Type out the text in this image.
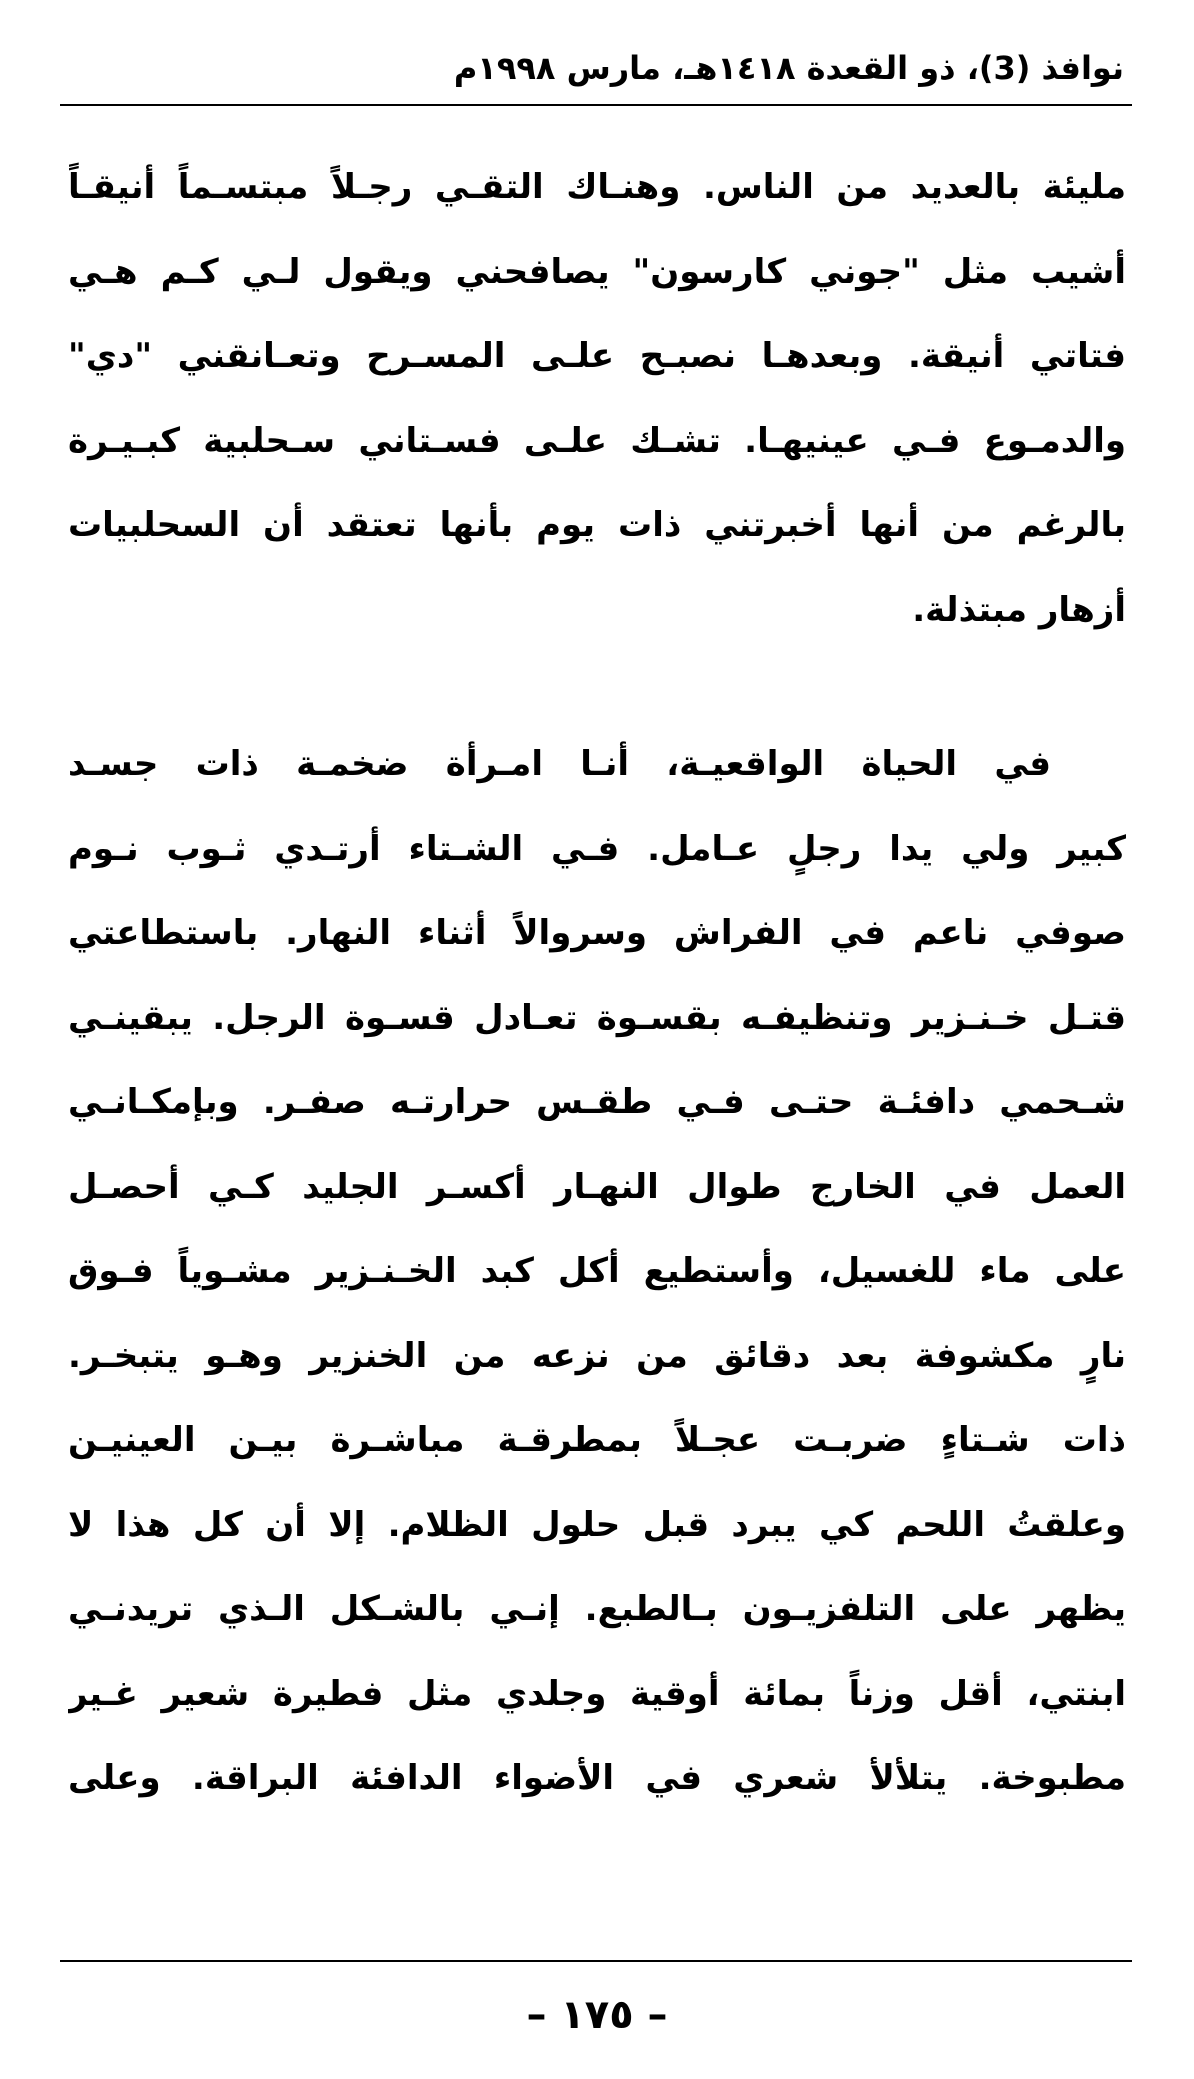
نوافذ (3)، ذو القعدة ١٤١٨هـ، مارس ١٩٩٨م
مليئة بالعديد من الناس. وهنـاك التقـي رجـلاً مبتسـماً أنيقـاً
أشيب مثل "جوني كارسون" يصافحني ويقول لـي كـم هـي
فتاتي أنيقة. وبعدهـا نصبـح علـى المسـرح وتعـانقني "دي"
والدمـوع فـي عينيهـا. تشـك علـى فسـتاني سـحلبية كبـيـرة
بالرغم من أنها أخبرتني ذات يوم بأنها تعتقد أن السحلبيات
أزهار مبتذلة.
في الحياة الواقعيـة، أنـا امـرأة ضخمـة ذات جسـد
كبير ولي يدا رجلٍ عـامل. فـي الشـتاء أرتـدي ثـوب نـوم
صوفي ناعم في الفراش وسروالاً أثناء النهار. باستطاعتي
قتـل خـنـزير وتنظيفـه بقسـوة تعـادل قسـوة الرجل. يبقينـي
شـحمي دافئـة حتـى فـي طقـس حرارتـه صفـر. وبإمكـانـي
العمل في الخارج طوال النهـار أكسـر الجليد كـي أحصـل
على ماء للغسيل، وأستطيع أكل كبد الخـنـزير مشـوياً فـوق
نارٍ مكشوفة بعد دقائق من نزعه من الخنزير وهـو يتبخـر.
ذات شـتاءٍ ضربـت عجـلاً بمطرقـة مباشـرة بيـن العينيـن
وعلقتُ اللحم كي يبرد قبل حلول الظلام. إلا أن كل هذا لا
يظهر على التلفزيـون بـالطبع. إنـي بالشـكل الـذي تريدنـي
ابنتي، أقل وزناً بمائة أوقية وجلدي مثل فطيرة شعير غـير
مطبوخة. يتلألأ شعري في الأضواء الدافئة البراقة. وعلى
– ١٧٥ –
